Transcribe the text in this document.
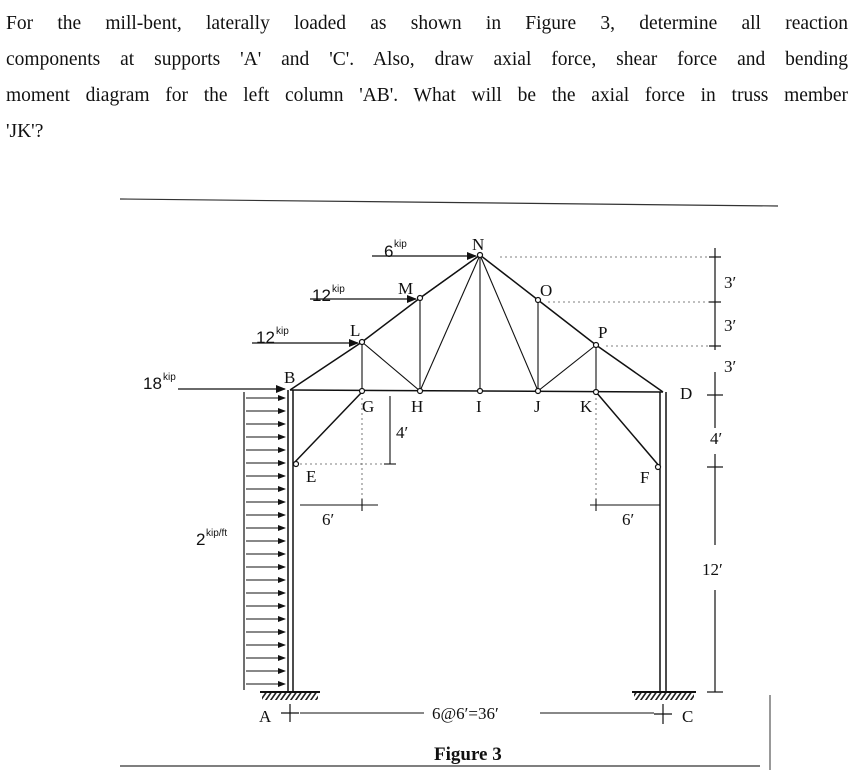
For the mill-bent, laterally loaded as shown in Figure 3, determine all reaction
components at supports 'A' and 'C'. Also, draw axial force, shear force and bending
moment diagram for the left column 'AB'. What will be the axial force in truss member
'JK'?
B
A	C
D
E	F
G H	I	J K
L
M
N
O
P
18 kip
12 kip
12 kip
6 kip
2 kip/ft
3′
3′
3′
4′
12′
4′
6′	6′
6@6′=36′
Figure 3
